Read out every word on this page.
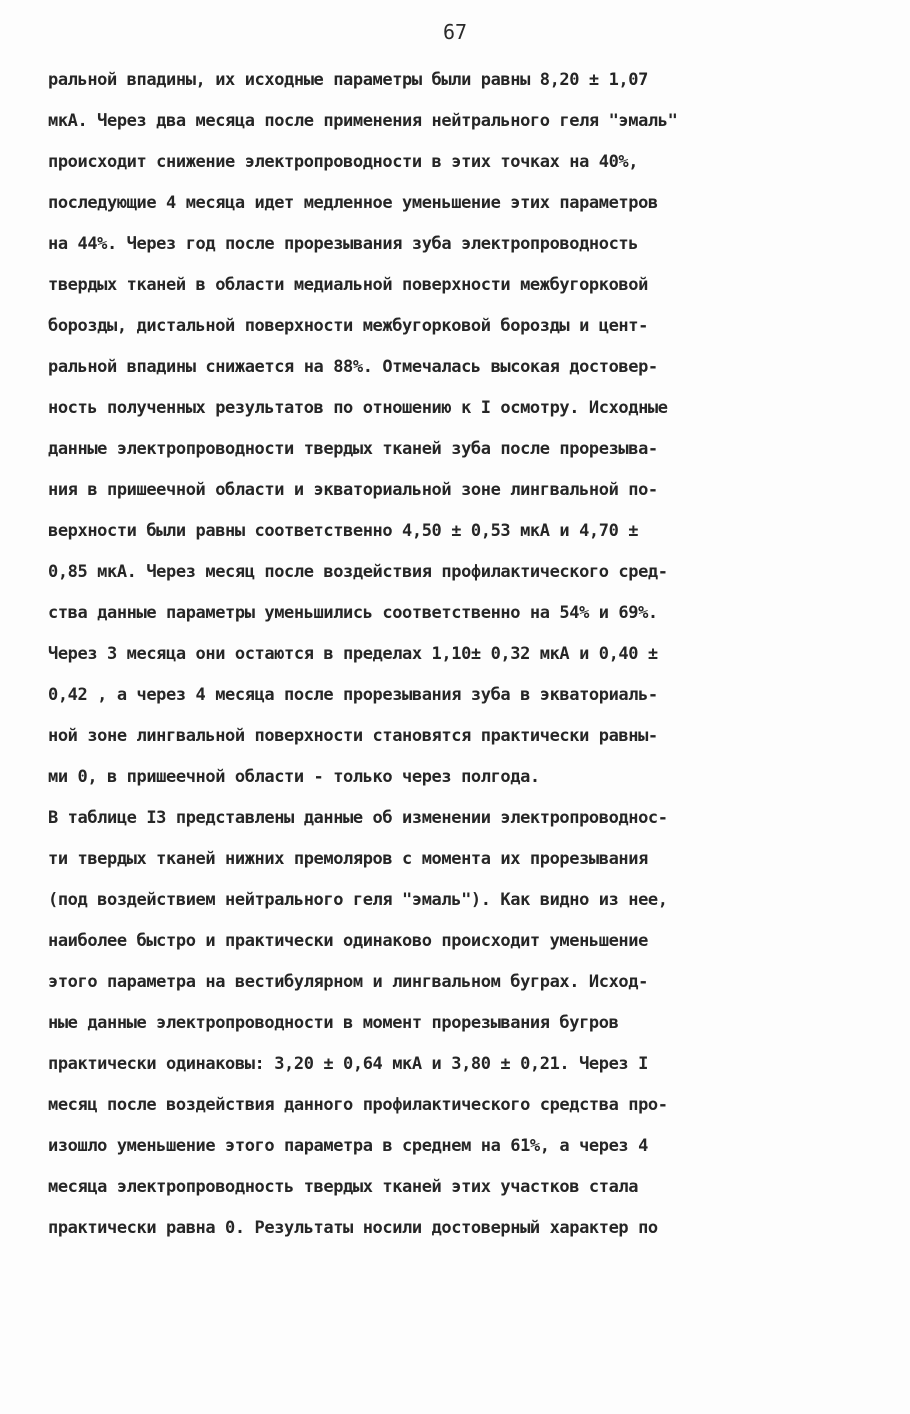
67
ральной впадины, их исходные параметры были равны 8,20 ± 1,07
мкА. Через два месяца после применения нейтрального геля "эмаль"
происходит снижение электропроводности в этих точках на 40%,
последующие 4 месяца идет медленное уменьшение этих параметров
на 44%. Через год после прорезывания зуба электропроводность
твердых тканей в области медиальной поверхности межбугорковой
борозды, дистальной поверхности межбугорковой борозды и цент-
ральной впадины снижается на 88%. Отмечалась высокая достовер-
ность полученных результатов по отношению к I осмотру. Исходные
данные электропроводности твердых тканей зуба после прорезыва-
ния в пришеечной области и экваториальной зоне лингвальной по-
верхности были равны соответственно 4,50 ± 0,53 мкА и 4,70 ±
0,85 мкА. Через месяц после воздействия профилактического сред-
ства данные параметры уменьшились соответственно на 54% и 69%.
Через 3 месяца они остаются в пределах 1,10± 0,32 мкА и 0,40 ±
0,42 , а через 4 месяца после прорезывания зуба в экваториаль-
ной зоне лингвальной поверхности становятся практически равны-
ми 0, в пришеечной области - только через полгода.
В таблице I3 представлены данные об изменении электропроводнос-
ти твердых тканей нижних премоляров с момента их прорезывания
(под воздействием нейтрального геля "эмаль"). Как видно из нее,
наиболее быстро и практически одинаково происходит уменьшение
этого параметра на вестибулярном и лингвальном буграх. Исход-
ные данные электропроводности в момент прорезывания бугров
практически одинаковы: 3,20 ± 0,64 мкА и 3,80 ± 0,21. Через I
месяц после воздействия данного профилактического средства про-
изошло уменьшение этого параметра в среднем на 61%, а через 4
месяца электропроводность твердых тканей этих участков стала
практически равна 0. Результаты носили достоверный характер по
